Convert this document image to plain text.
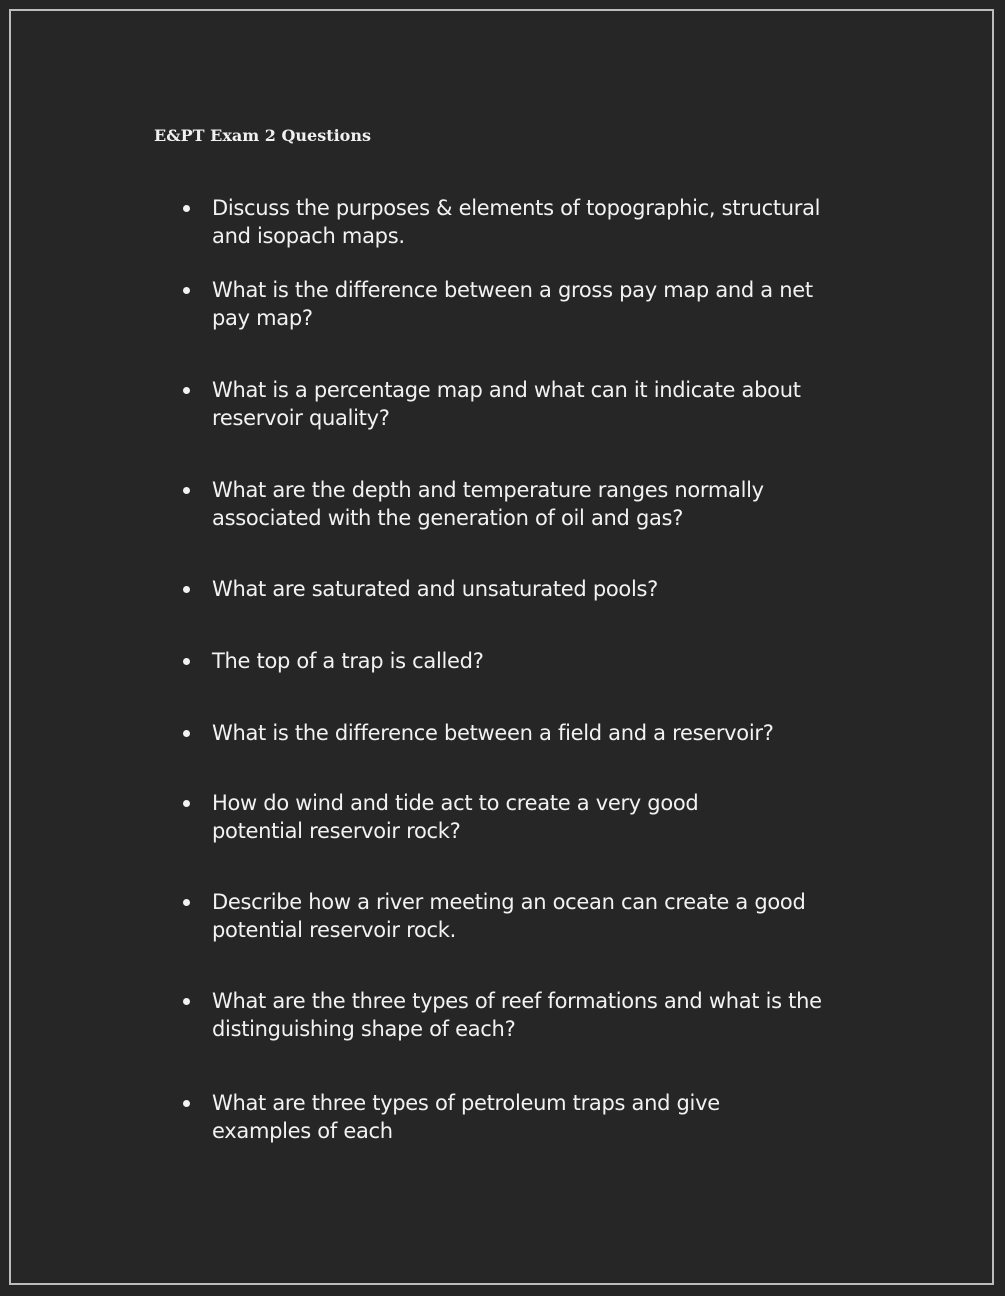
E&PT Exam 2 Questions
Discuss the purposes & elements of topographic, structural and isopach maps.
What is the difference between a gross pay map and a net pay map?
What is a percentage map and what can it indicate about reservoir quality?
What are the depth and temperature ranges normally associated with the generation of oil and gas?
What are saturated and unsaturated pools?
The top of a trap is called?
What is the difference between a field and a reservoir?
How do wind and tide act to create a very good potential reservoir rock?
Describe how a river meeting an ocean can create a good potential reservoir rock.
What are the three types of reef formations and what is the distinguishing shape of each?
What are three types of petroleum traps and give examples of each
